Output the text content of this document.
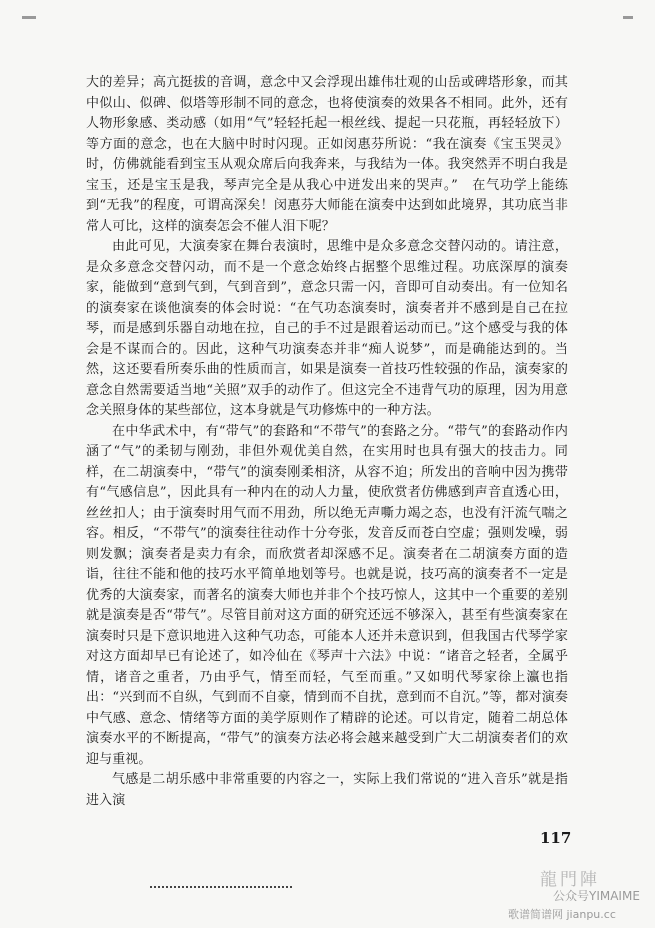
大的差异；高亢挺拔的音调，意念中又会浮现出雄伟壮观的山岳或碑塔形象，而其中似山、似碑、似塔等形制不同的意念，也将使演奏的效果各不相同。此外，还有人物形象感、类动感（如用“气”轻轻托起一根丝线、提起一只花瓶，再轻轻放下）等方面的意念，也在大脑中时时闪现。正如闵惠芬所说：“我在演奏《宝玉哭灵》时，仿佛就能看到宝玉从观众席后向我奔来，与我结为一体。我突然弄不明白我是宝玉，还是宝玉是我，琴声完全是从我心中迸发出来的哭声。”　在气功学上能练到“无我”的程度，可谓高深矣！闵惠芬大师能在演奏中达到如此境界，其功底当非常人可比，这样的演奏怎会不催人泪下呢？

由此可见，大演奏家在舞台表演时，思维中是众多意念交替闪动的。请注意，是众多意念交替闪动，而不是一个意念始终占据整个思维过程。功底深厚的演奏家，能做到“意到气到，气到音到”，意念只需一闪，音即可自动奏出。有一位知名的演奏家在谈他演奏的体会时说：“在气功态演奏时，演奏者并不感到是自己在拉琴，而是感到乐器自动地在拉，自己的手不过是跟着运动而已。”这个感受与我的体会是不谋而合的。因此，这种气功演奏态并非“痴人说梦”，而是确能达到的。当然，这还要看所奏乐曲的性质而言，如果是演奏一首技巧性较强的作品，演奏家的意念自然需要适当地“关照”双手的动作了。但这完全不违背气功的原理，因为用意念关照身体的某些部位，这本身就是气功修炼中的一种方法。

在中华武术中，有“带气”的套路和“不带气”的套路之分。“带气”的套路动作内涵了“气”的柔韧与刚劲，非但外观优美自然，在实用时也具有强大的技击力。同样，在二胡演奏中，“带气”的演奏刚柔相济，从容不迫；所发出的音响中因为携带有“气感信息”，因此具有一种内在的动人力量，使欣赏者仿佛感到声音直透心田，丝丝扣人；由于演奏时用气而不用劲，所以绝无声嘶力竭之态，也没有汗流气喘之容。相反，“不带气”的演奏往往动作十分夸张，发音反而苍白空虚；强则发噪，弱则发飘；演奏者是卖力有余，而欣赏者却深感不足。演奏者在二胡演奏方面的造诣，往往不能和他的技巧水平简单地划等号。也就是说，技巧高的演奏者不一定是优秀的大演奏家，而著名的演奏大师也并非个个技巧惊人，这其中一个重要的差别就是演奏是否“带气”。尽管目前对这方面的研究还远不够深入，甚至有些演奏家在演奏时只是下意识地进入这种气功态，可能本人还并未意识到，但我国古代琴学家对这方面却早已有论述了，如冷仙在《琴声十六法》中说：“诸音之轻者，全属乎情，诸音之重者，乃由乎气，情至而轻，气至而重。”又如明代琴家徐上瀛也指出：“兴到而不自纵，气到而不自豪，情到而不自扰，意到而不自沉。”等，都对演奏中气感、意念、情绪等方面的美学原则作了精辟的论述。可以肯定，随着二胡总体演奏水平的不断提高，“带气”的演奏方法必将会越来越受到广大二胡演奏者们的欢迎与重视。

气感是二胡乐感中非常重要的内容之一，实际上我们常说的“进入音乐”就是指进入演

117
龍門陣
公众号YIMAIME
歌谱简谱网 jianpu.cc
